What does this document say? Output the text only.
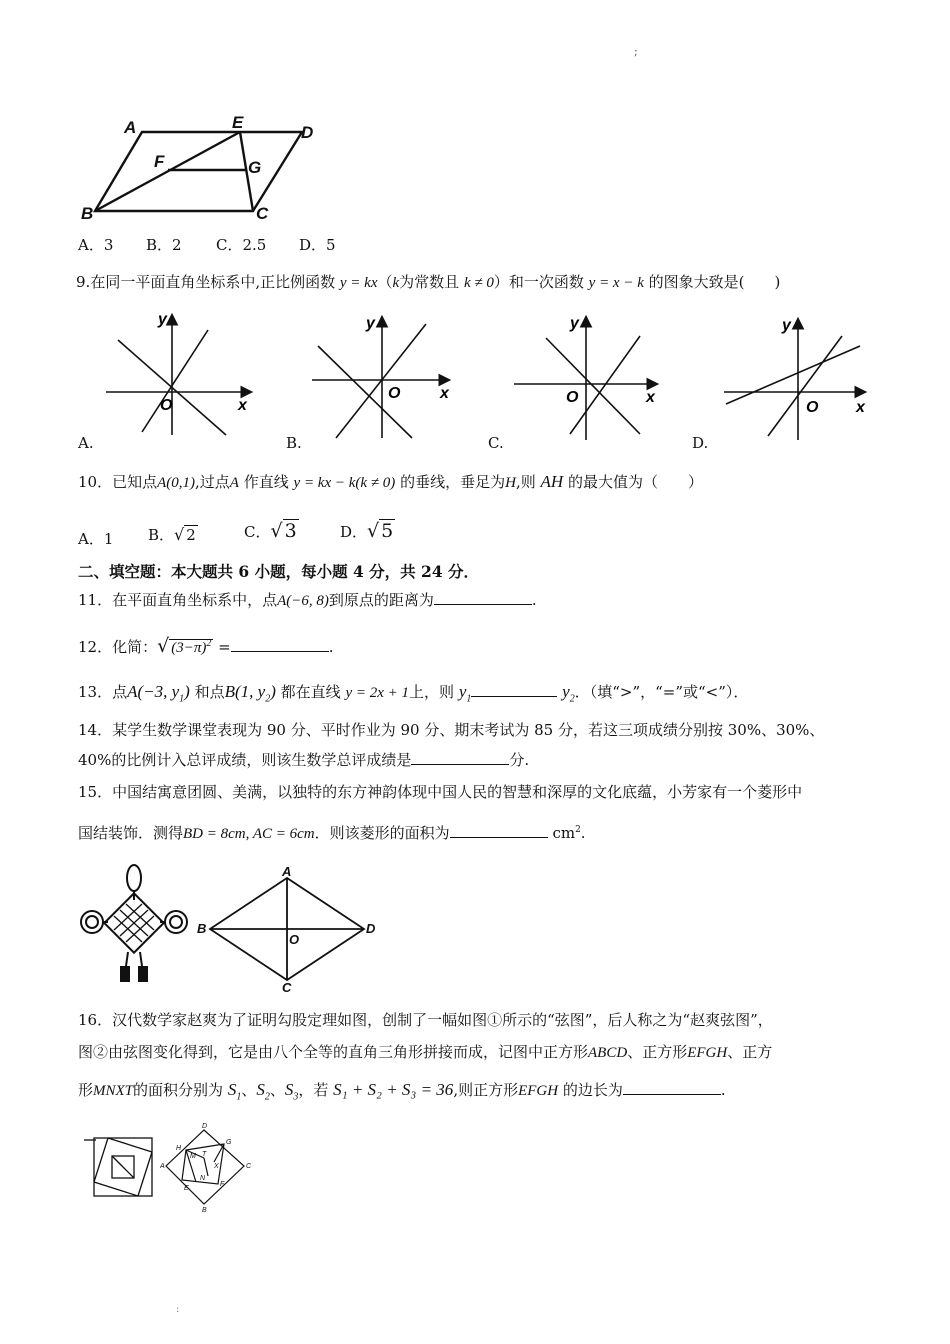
;
:
A	E
D
F	G
B	C
A．3 B．2 C．2.5 D．5
9.在同一平面直角坐标系中,正比例函数 y = kx（k为常数且 k ≠ 0）和一次函数 y = x − k 的图象大致是(　　)
y
x
O
y
x
O
y
x
O
y
x
O
A.	B.	C.	D.
10．已知点A(0,1),过点A 作直线 y = kx − k(k ≠ 0) 的垂线，垂足为H,则 AH 的最大值为（　　）
A．1 B．√ 2	C．√ 3	D．√ 5
二、填空题：本大题共 6 小题，每小题 4 分，共 24 分．
11．在平面直角坐标系中，点A(−6, 8)到原点的距离为	.
12．化简：√ $(3-\pi)^2$ =	.
13．点A(−3, $y_1$) 和点B(1, $y_2$) 都在直线 y = 2x + 1上，则 $y_1$	$y_2$．（填“>”，“=”或“<”）．
14．某学生数学课堂表现为 90 分、平时作业为 90 分、期末考试为 85 分，若这三项成绩分别按 30%、30%、
40%的比例计入总评成绩，则该生数学总评成绩是	分.
15．中国结寓意团圆、美满，以独特的东方神韵体现中国人民的智慧和深厚的文化底蕴，小芳家有一个菱形中
国结装饰．测得BD = 8cm, AC = 6cm．则该菱形的面积为	$cm^2$.
A
B
O
D
C
16．汉代数学家赵爽为了证明勾股定理如图，创制了一幅如图①所示的“弦图”，后人称之为“赵爽弦图”，
图②由弦图变化得到，它是由八个全等的直角三角形拼接而成，记图中正方形ABCD、正方形EFGH、正方
形MNXT的面积分别为 $S_1$、$S_2$、$S_3$，若 S₁ + S₂ + S₃ = 36,则正方形EFGH 的边长为	.
D
H
G
A	C
E
F
B
M T
N
X
